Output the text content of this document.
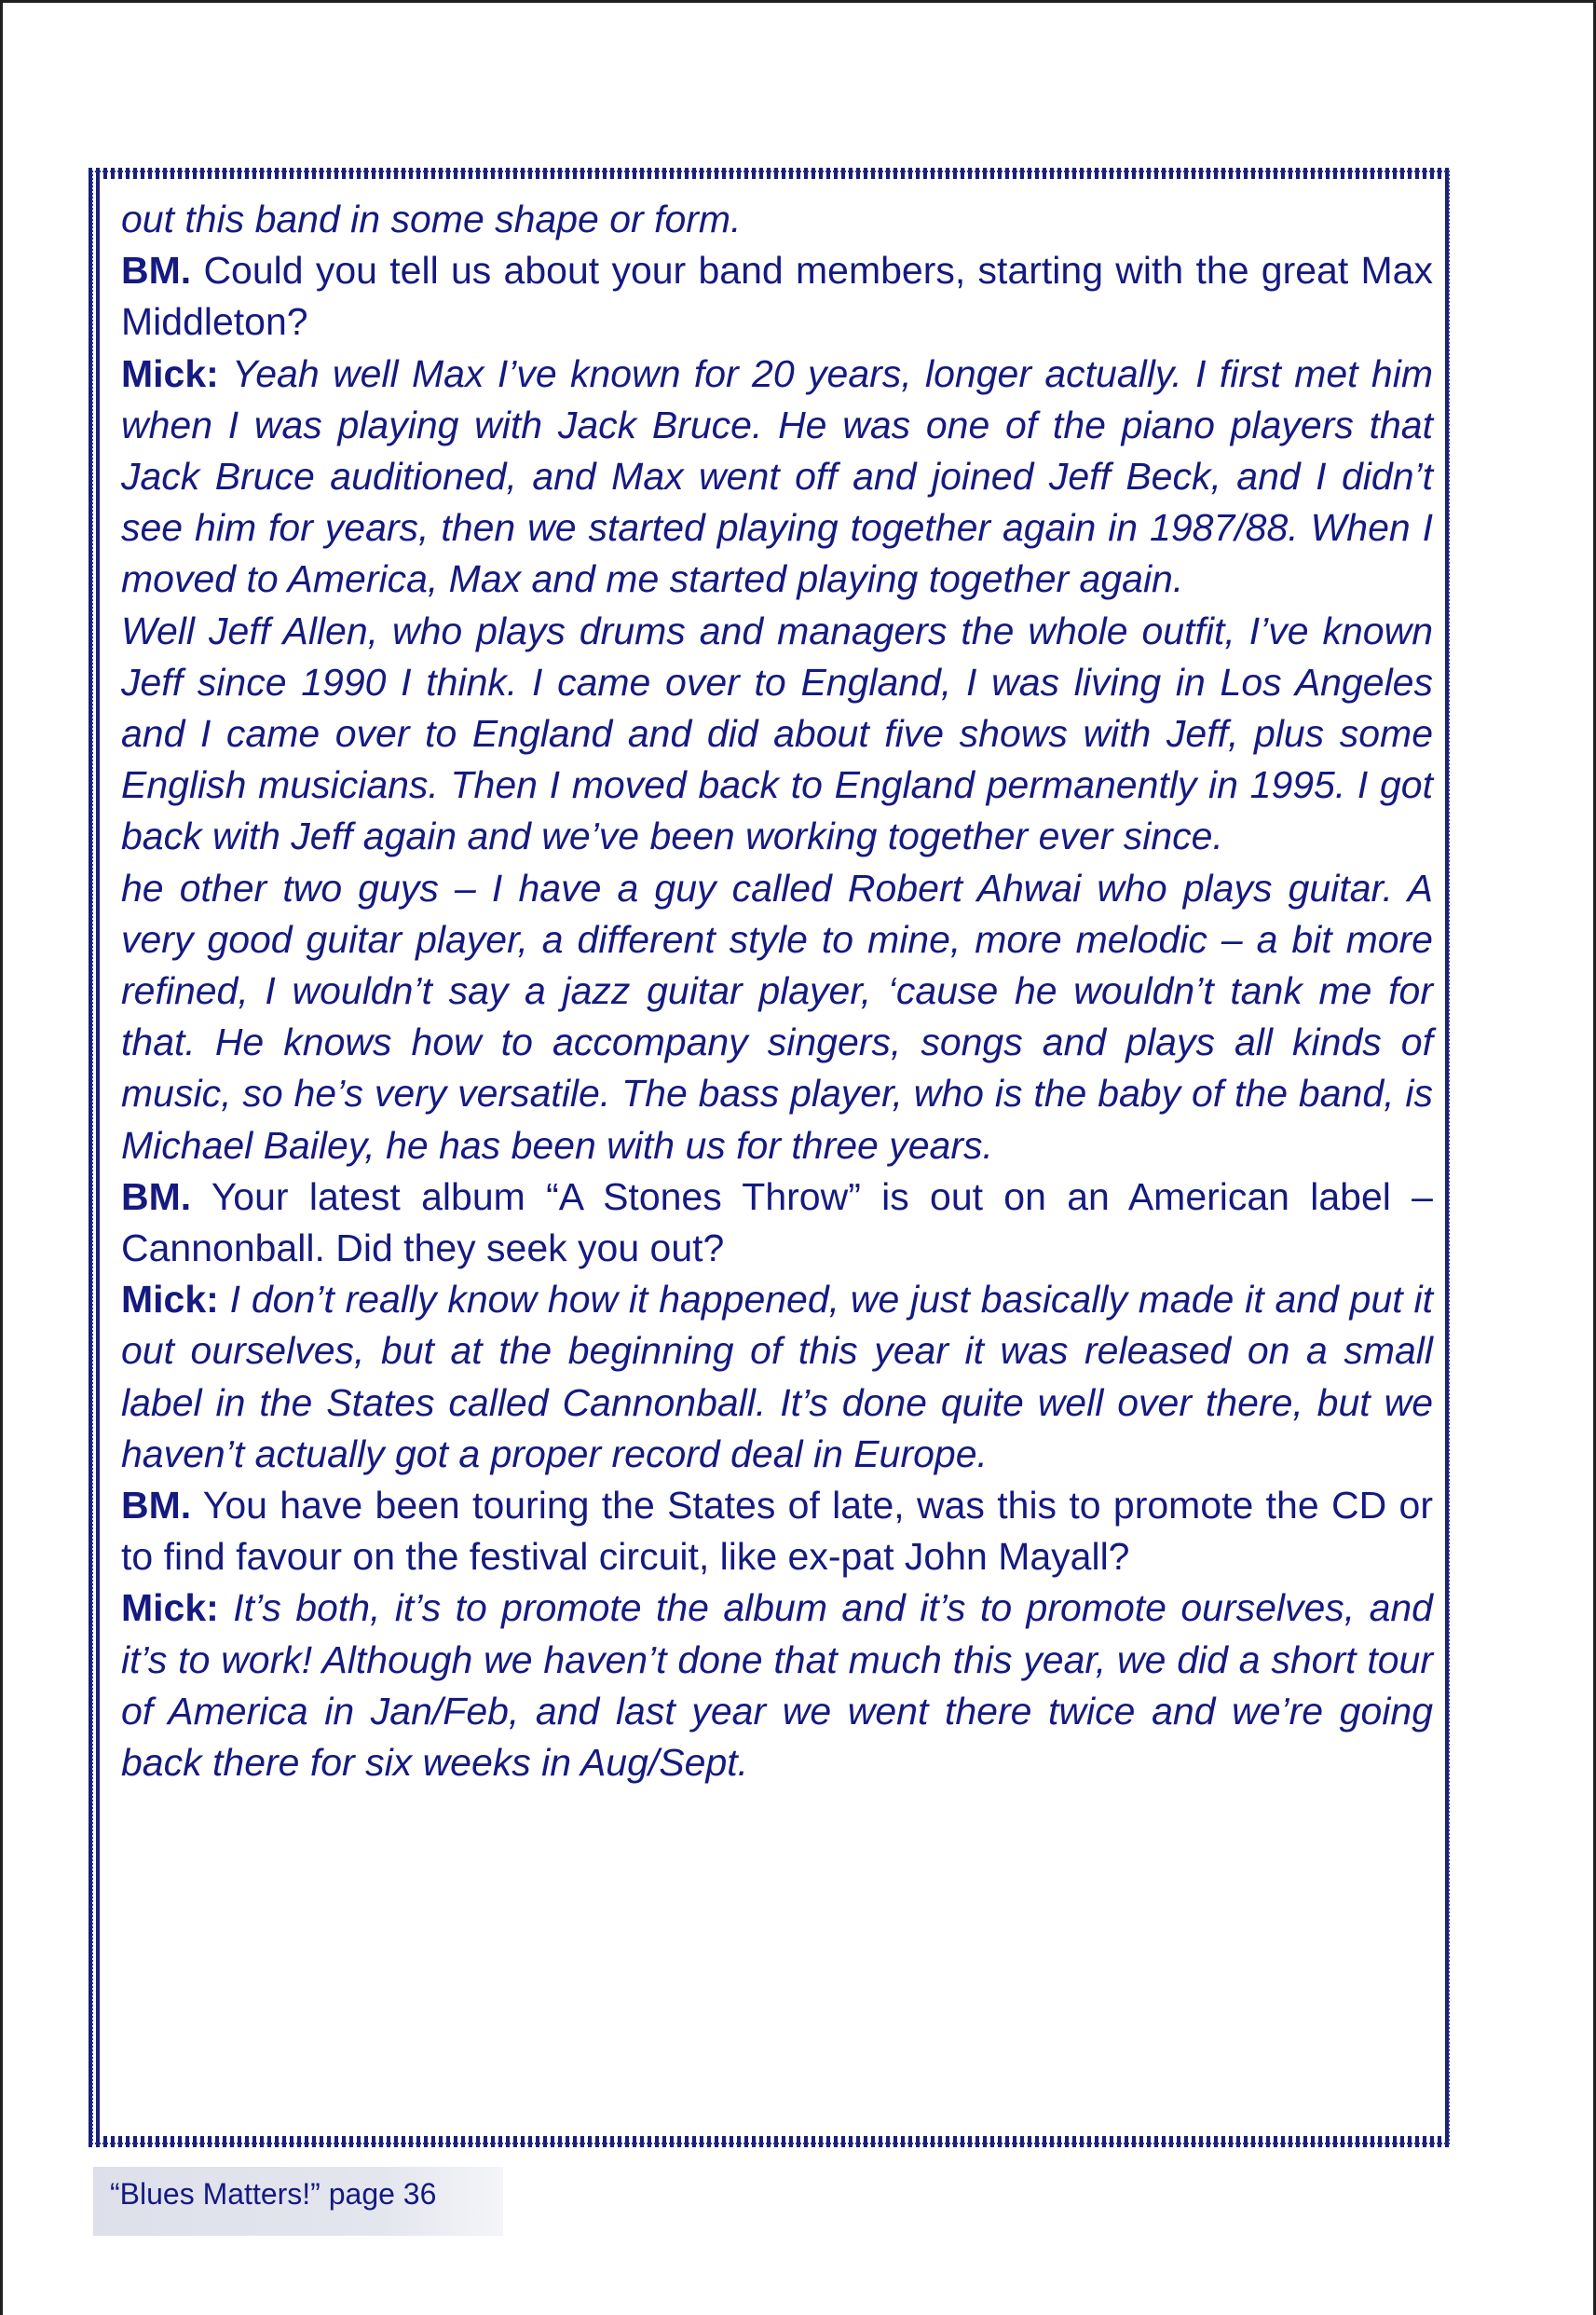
out this band in some shape or form.

BM. Could you tell us about your band members, starting with the great Max Middleton?

Mick: Yeah well Max I’ve known for 20 years, longer actually. I first met him when I was playing with Jack Bruce. He was one of the piano players that Jack Bruce auditioned, and Max went off and joined Jeff Beck, and I didn’t see him for years, then we started playing together again in 1987/88. When I moved to America, Max and me started playing together again.

Well Jeff Allen, who plays drums and managers the whole outfit, I’ve known Jeff since 1990 I think. I came over to England, I was living in Los Angeles and I came over to England and did about five shows with Jeff, plus some English musicians. Then I moved back to England permanently in 1995. I got back with Jeff again and we’ve been working together ever since.

he other two guys – I have a guy called Robert Ahwai who plays guitar. A very good guitar player, a different style to mine, more melodic – a bit more refined, I wouldn’t say a jazz guitar player, ‘cause he wouldn’t tank me for that. He knows how to accompany singers, songs and plays all kinds of music, so he’s very versatile. The bass player, who is the baby of the band, is Michael Bailey, he has been with us for three years.

BM. Your latest album “A Stones Throw” is out on an American label – Cannonball. Did they seek you out?

Mick: I don’t really know how it happened, we just basically made it and put it out ourselves, but at the beginning of this year it was released on a small label in the States called Cannonball. It’s done quite well over there, but we haven’t actually got a proper record deal in Europe.

BM. You have been touring the States of late, was this to promote the CD or to find favour on the festival circuit, like ex-pat John Mayall?

Mick: It’s both, it’s to promote the album and it’s to promote ourselves, and it’s to work! Although we haven’t done that much this year, we did a short tour of America in Jan/Feb, and last year we went there twice and we’re going back there for six weeks in Aug/Sept.

“Blues Matters!” page 36
